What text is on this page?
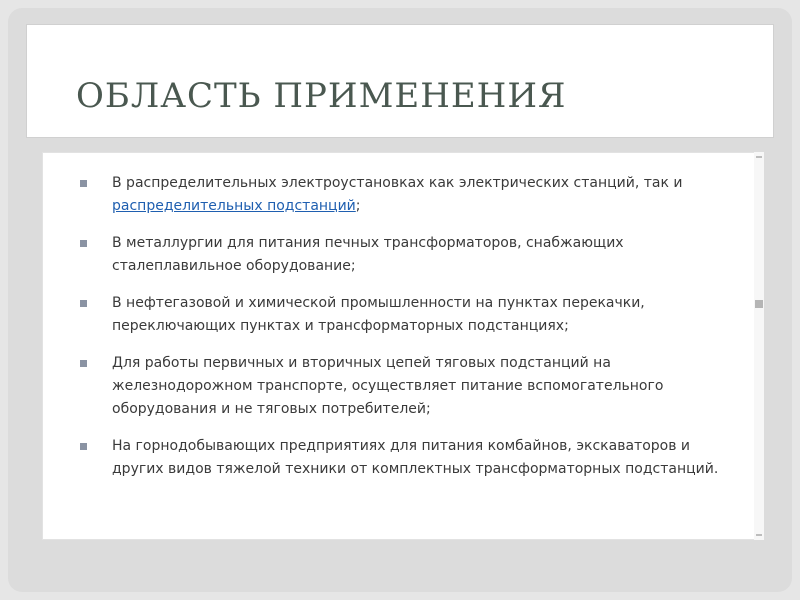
ОБЛАСТЬ ПРИМЕНЕНИЯ
В распределительных электроустановках как электрических станций, так и распределительных подстанций;
В металлургии для питания печных трансформаторов, снабжающих сталеплавильное оборудование;
В нефтегазовой и химической промышленности на пунктах перекачки, переключающих пунктах и трансформаторных подстанциях;
Для работы первичных и вторичных цепей тяговых подстанций на железнодорожном транспорте, осуществляет питание вспомогательного оборудования и не тяговых потребителей;
На горнодобывающих предприятиях для питания комбайнов, экскаваторов и других видов тяжелой техники от комплектных трансформаторных подстанций.
